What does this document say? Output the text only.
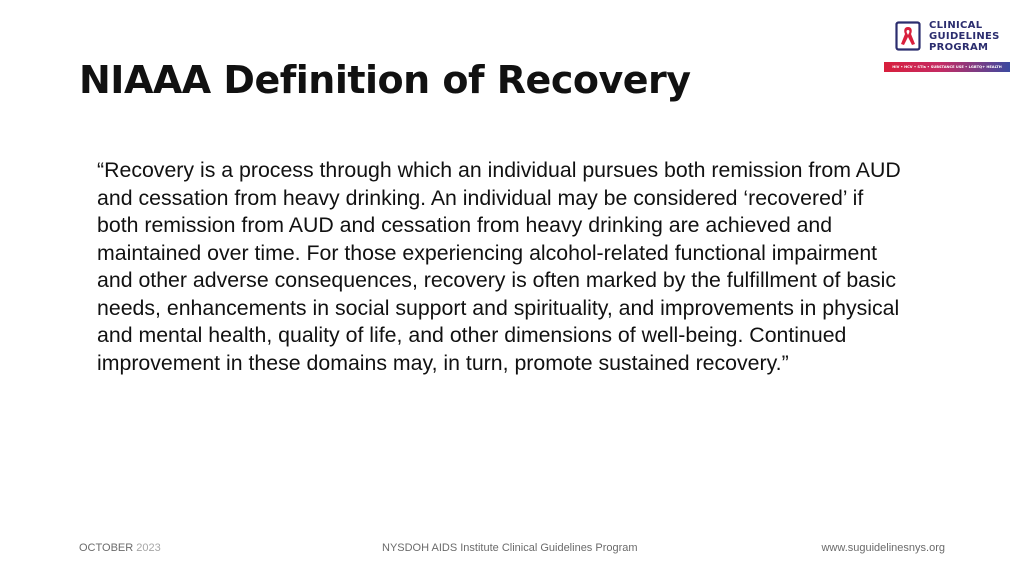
CLINICAL
GUIDELINES
PROGRAM
HIV • HCV • STIs • SUBSTANCE USE • LGBTQ+ HEALTH
NIAAA Definition of Recovery

“Recovery is a process through which an individual pursues both remission from AUD and cessation from heavy drinking. An individual may be considered ‘recovered’ if both remission from AUD and cessation from heavy drinking are achieved and maintained over time. For those experiencing alcohol-related functional impairment and other adverse consequences, recovery is often marked by the fulfillment of basic needs, enhancements in social support and spirituality, and improvements in physical and mental health, quality of life, and other dimensions of well-being. Continued improvement in these domains may, in turn, promote sustained recovery.”

OCTOBER 2023	NYSDOH AIDS Institute Clinical Guidelines Program	www.suguidelinesnys.org
